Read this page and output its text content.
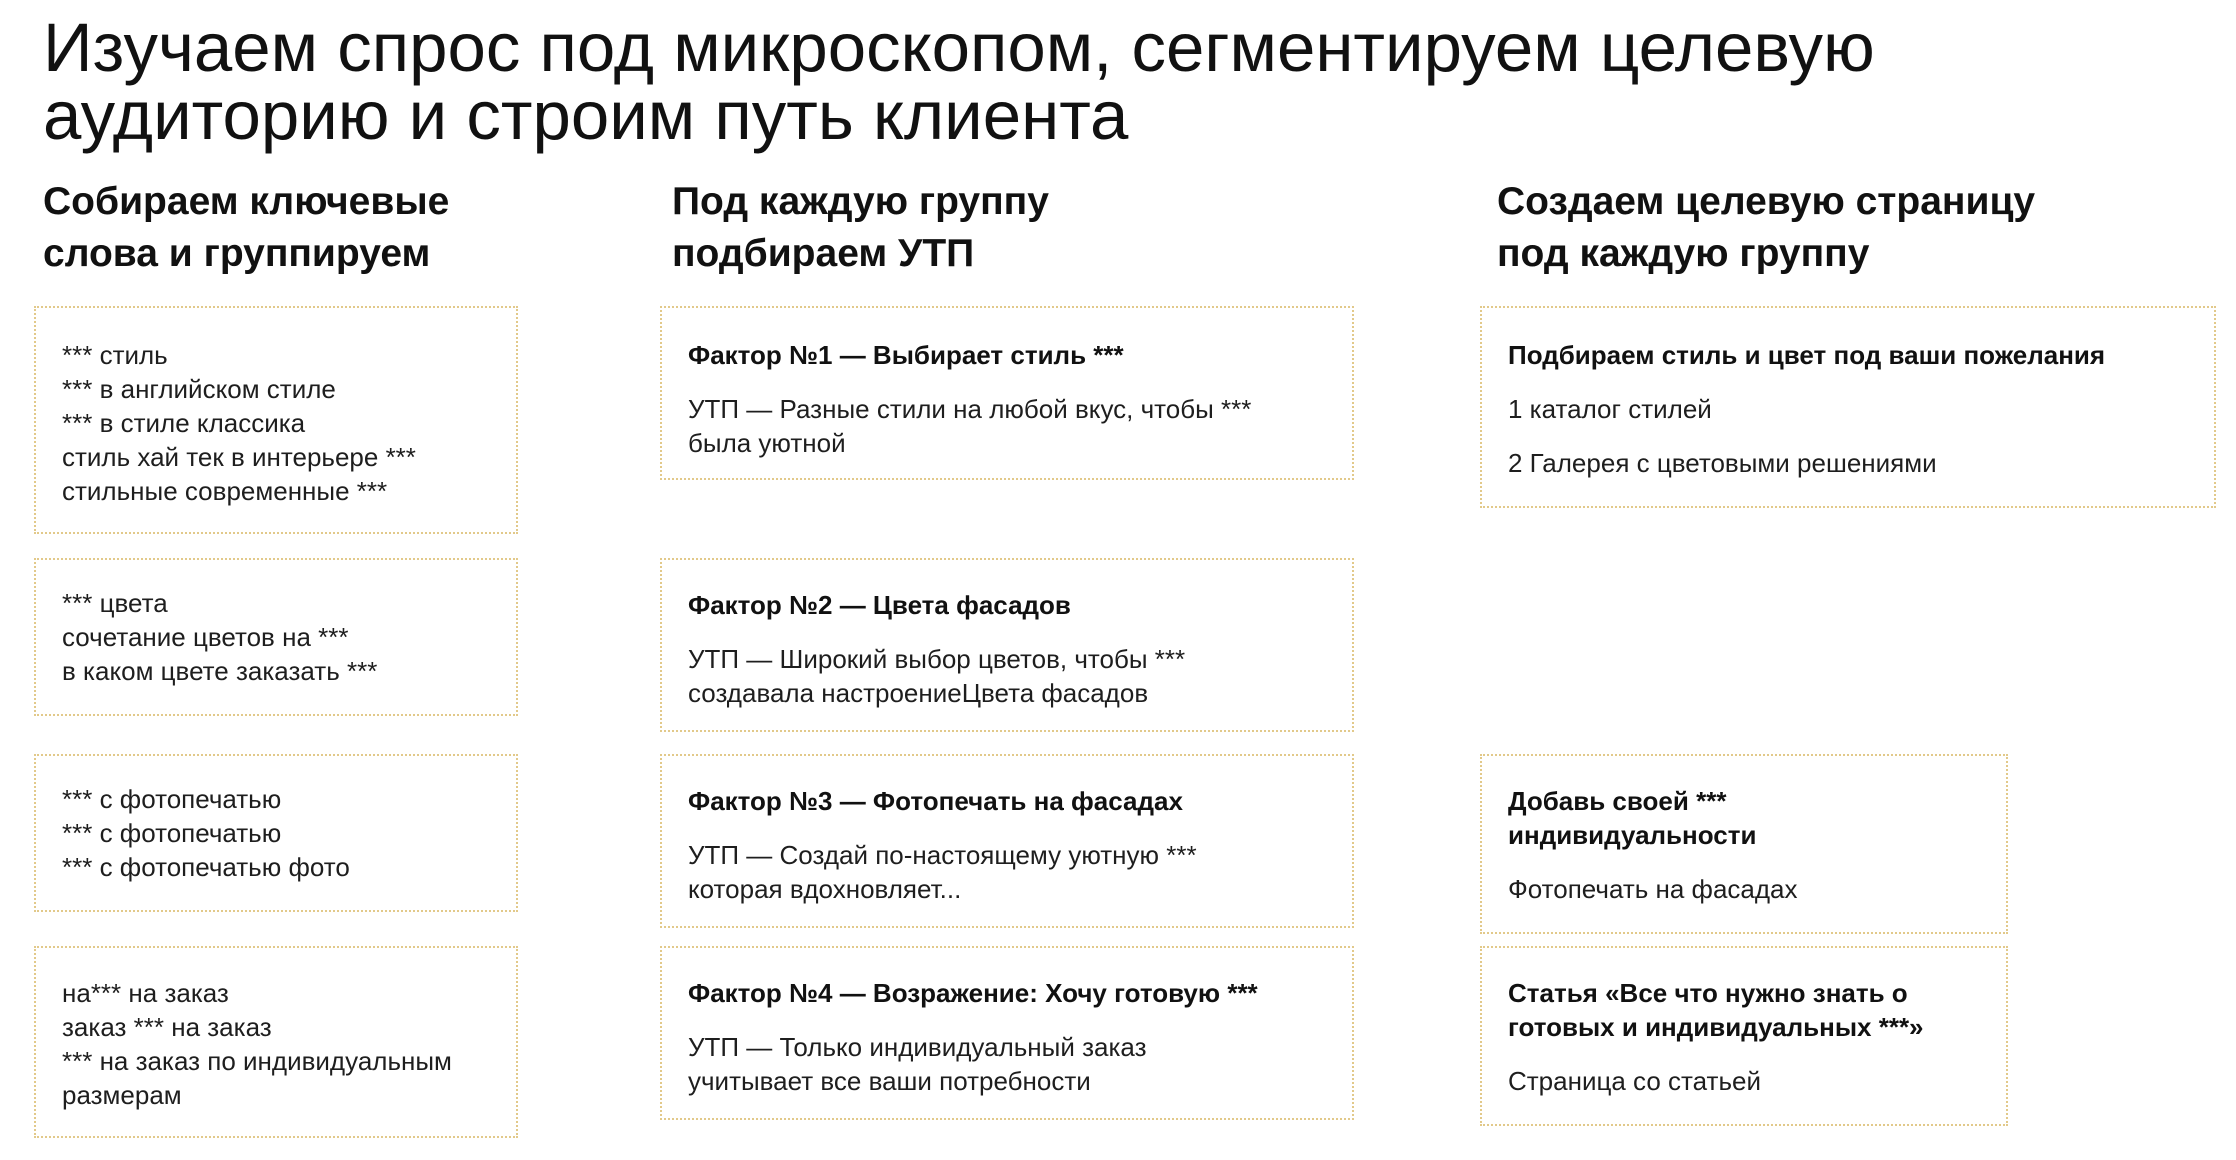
Изучаем спрос под микроскопом, сегментируем целевую
аудиторию и строим путь клиента
Собираем ключевые
слова и группируем
Под каждую группу
подбираем УТП
Создаем целевую страницу
под каждую группу
*** стиль
*** в английском стиле
*** в стиле классика
стиль хай тек в интерьере ***
стильные современные ***
*** цвета
сочетание цветов на ***
в каком цвете заказать ***
*** с фотопечатью
*** с фотопечатью
*** с фотопечатью фото
на*** на заказ
заказ *** на заказ
*** на заказ по индивидуальным
размерам
Фактор №1 — Выбирает стиль ***
УТП — Разные стили на любой вкус, чтобы ***
была уютной
Фактор №2 — Цвета фасадов
УТП — Широкий выбор цветов, чтобы ***
создавала настроениеЦвета фасадов
Фактор №3 — Фотопечать на фасадах
УТП — Создай по-настоящему уютную ***
которая вдохновляет...
Фактор №4 — Возражение: Хочу готовую ***
УТП — Только индивидуальный заказ
учитывает все ваши потребности
Подбираем стиль и цвет под ваши пожелания
1 каталог стилей
2 Галерея с цветовыми решениями
Добавь своей ***
индивидуальности
Фотопечать на фасадах
Статья «Все что нужно знать о
готовых и индивидуальных ***»
Страница со статьей
